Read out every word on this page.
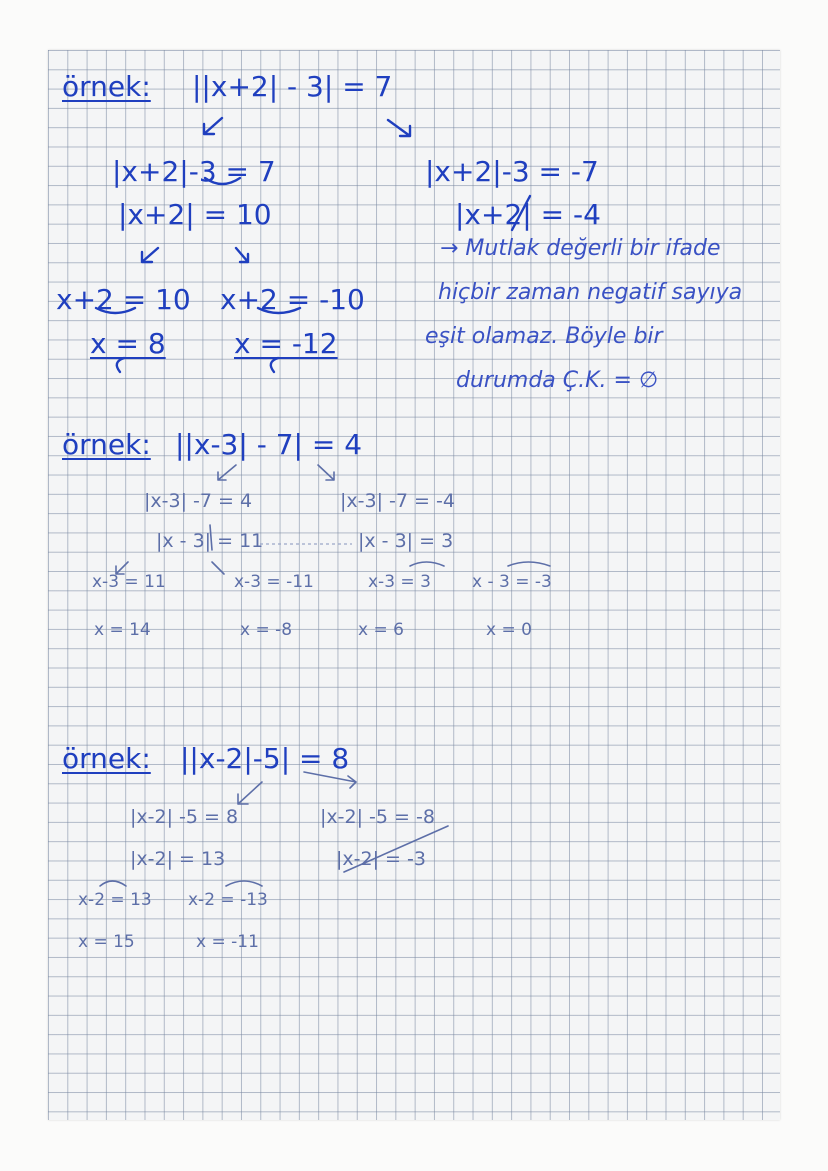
örnek: ||x+2| - 3| = 7
|x+2|-3 = 7
|x+2| = 10
x+2 = 10 x+2 = -10
x = 8 x = -12
|x+2|-3 = -7
|x+2| = -4
→ Mutlak değerli bir ifade
hiçbir zaman negatif sayıya
eşit olamaz. Böyle bir
durumda Ç.K. = ∅
örnek: ||x-3| - 7| = 4
|x-3| -7 = 4
|x - 3| = 11
|x-3| -7 = -4
|x - 3| = 3
x-3 = 11	x-3 = -11	x-3 = 3 x - 3 = -3
x = 14	x = -8	x = 6	x = 0
örnek: ||x-2|-5| = 8
|x-2| -5 = 8
|x-2| = 13
|x-2| -5 = -8
|x-2| = -3
x-2 = 13 x-2 = -13
x = 15	x = -11
